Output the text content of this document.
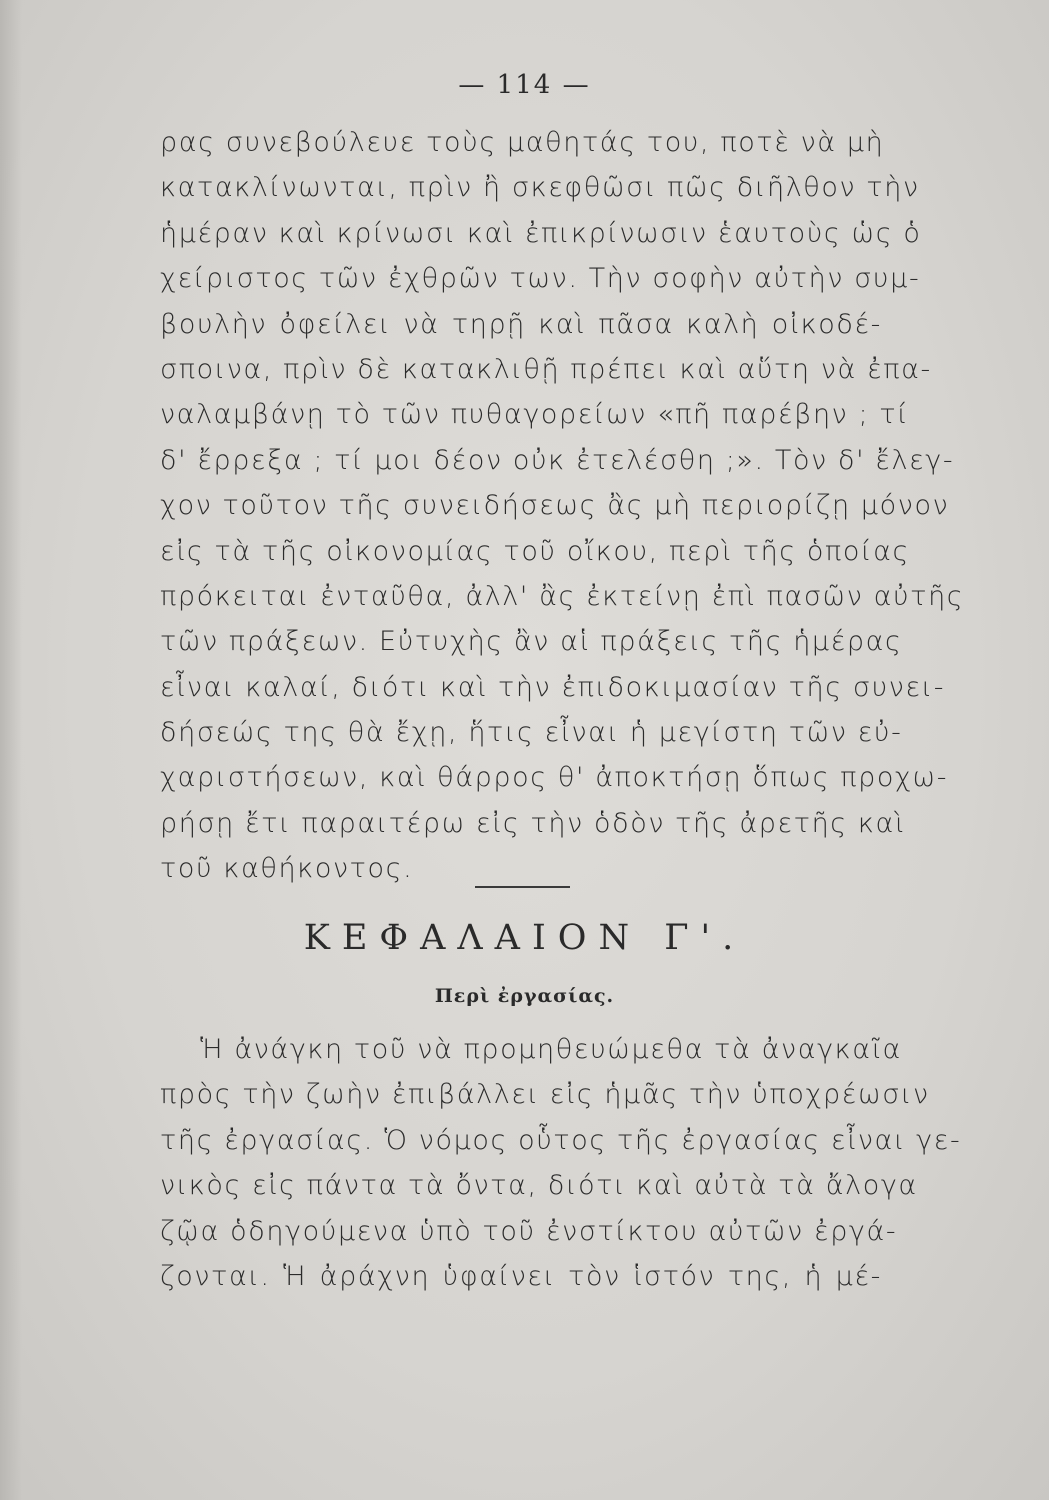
— 114 —
ρας συνεβούλευε τοὺς μαθητάς του, ποτὲ νὰ μὴ
κατακλίνωνται, πρὶν ἢ σκεφθῶσι πῶς διῆλθον τὴν
ἡμέραν καὶ κρίνωσι καὶ ἐπικρίνωσιν ἑαυτοὺς ὡς ὁ
χείριστος τῶν ἐχθρῶν των. Τὴν σοφὴν αὐτὴν συμ-
βουλὴν ὀφείλει νὰ τηρῇ καὶ πᾶσα καλὴ οἰκοδέ-
σποινα, πρὶν δὲ κατακλιθῇ πρέπει καὶ αὕτη νὰ ἐπα-
ναλαμβάνῃ τὸ τῶν πυθαγορείων «πῆ παρέβην ; τί
δ' ἔρρεξα ; τί μοι δέον οὐκ ἐτελέσθη ;». Τὸν δ' ἔλεγ-
χον τοῦτον τῆς συνειδήσεως ἂς μὴ περιορίζῃ μόνον
εἰς τὰ τῆς οἰκονομίας τοῦ οἴκου, περὶ τῆς ὁποίας
πρόκειται ἐνταῦθα, ἀλλ' ἂς ἐκτείνῃ ἐπὶ πασῶν αὐτῆς
τῶν πράξεων. Εὐτυχὴς ἂν αἱ πράξεις τῆς ἡμέρας
εἶναι καλαί, διότι καὶ τὴν ἐπιδοκιμασίαν τῆς συνει-
δήσεώς της θὰ ἔχῃ, ἥτις εἶναι ἡ μεγίστη τῶν εὐ-
χαριστήσεων, καὶ θάρρος θ' ἀποκτήσῃ ὅπως προχω-
ρήσῃ ἔτι παραιτέρω εἰς τὴν ὁδὸν τῆς ἀρετῆς καὶ
τοῦ καθήκοντος.
ΚΕΦΑΛΑΙΟΝ Γ'.
Περὶ ἐργασίας.
Ἡ ἀνάγκη τοῦ νὰ προμηθευώμεθα τὰ ἀναγκαῖα
πρὸς τὴν ζωὴν ἐπιβάλλει εἰς ἡμᾶς τὴν ὑποχρέωσιν
τῆς ἐργασίας. Ὁ νόμος οὗτος τῆς ἐργασίας εἶναι γε-
νικὸς εἰς πάντα τὰ ὄντα, διότι καὶ αὐτὰ τὰ ἄλογα
ζῷα ὁδηγούμενα ὑπὸ τοῦ ἐνστίκτου αὐτῶν ἐργά-
ζονται. Ἡ ἀράχνη ὑφαίνει τὸν ἱστόν της, ἡ μέ-
